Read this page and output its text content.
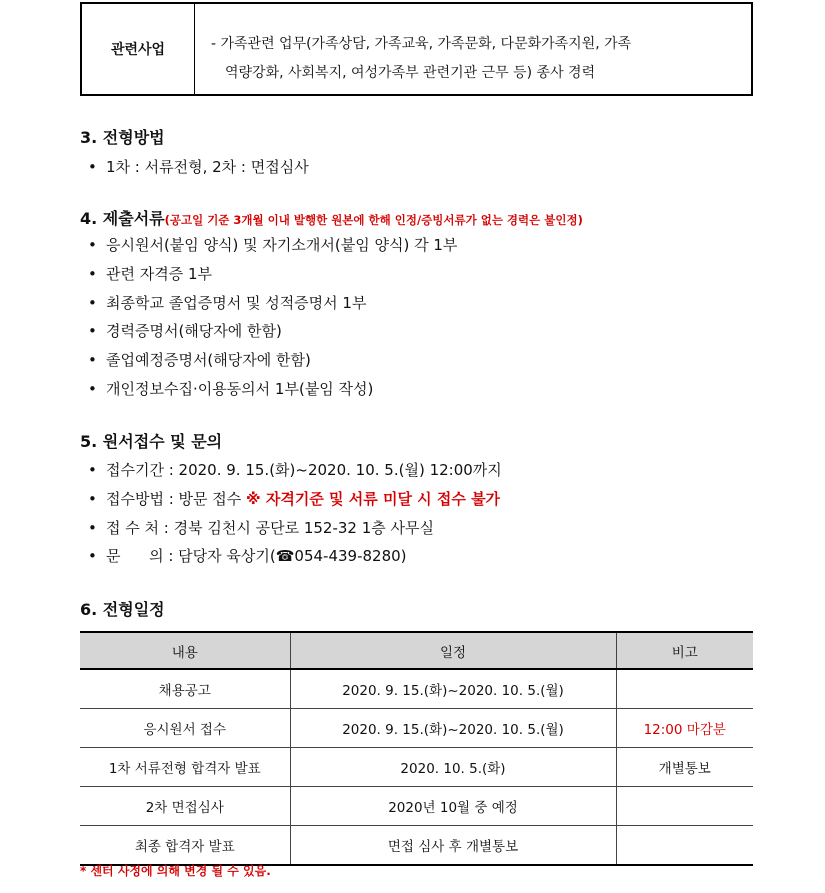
관련사업	- 가족관련 업무(가족상담, 가족교육, 가족문화, 다문화가족지원, 가족
역량강화, 사회복지, 여성가족부 관련기관 근무 등) 종사 경력
3. 전형방법
• 1차 : 서류전형, 2차 : 면접심사
4. 제출서류(공고일 기준 3개월 이내 발행한 원본에 한해 인정/증빙서류가 없는 경력은 불인정)
• 응시원서(붙임 양식) 및 자기소개서(붙임 양식) 각 1부
• 관련 자격증 1부
• 최종학교 졸업증명서 및 성적증명서 1부
• 경력증명서(해당자에 한함)
• 졸업예정증명서(해당자에 한함)
• 개인정보수집·이용동의서 1부(붙임 작성)
5. 원서접수 및 문의
• 접수기간 : 2020. 9. 15.(화)~2020. 10. 5.(월) 12:00까지
• 접수방법 : 방문 접수 ※ 자격기준 및 서류 미달 시 접수 불가
• 접 수 처 : 경북 김천시 공단로 152-32 1층 사무실
• 문      의 : 담당자 육상기(☎054-439-8280)
6. 전형일정
내용	일정	비고
채용공고	2020. 9. 15.(화)~2020. 10. 5.(월)	
응시원서 접수	2020. 9. 15.(화)~2020. 10. 5.(월)	12:00 마감분
1차 서류전형 합격자 발표	2020. 10. 5.(화)	개별통보
2차 면접심사	2020년 10월 중 예정	
최종 합격자 발표	면접 심사 후 개별통보	
* 센터 사정에 의해 변경 될 수 있음.
